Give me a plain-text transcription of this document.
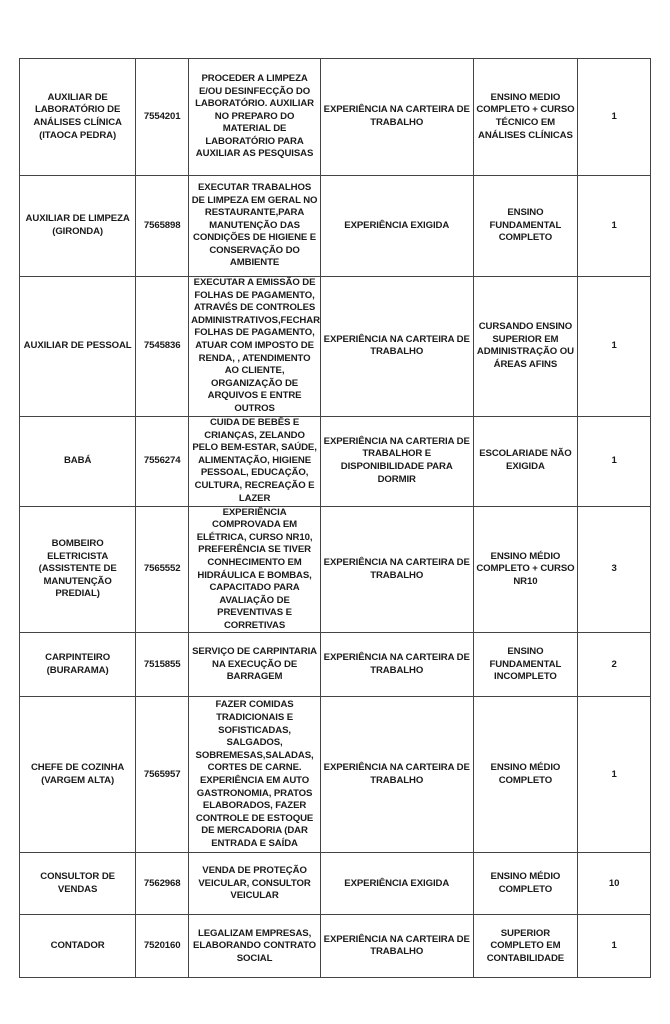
AUXILIAR DE LABORATÓRIO DE ANÁLISES CLÍNICA (ITAOCA PEDRA)	7554201	PROCEDER A LIMPEZA E/OU DESINFECÇÃO DO LABORATÓRIO. AUXILIAR NO PREPARO DO MATERIAL DE LABORATÓRIO PARA AUXILIAR AS PESQUISAS	EXPERIÊNCIA NA CARTEIRA DE TRABALHO	ENSINO MEDIO COMPLETO + CURSO TÉCNICO EM ANÁLISES CLÍNICAS	1
AUXILIAR DE LIMPEZA (GIRONDA)	7565898	EXECUTAR TRABALHOS DE LIMPEZA EM GERAL NO RESTAURANTE,PARA MANUTENÇÃO DAS CONDIÇÕES DE HIGIENE E CONSERVAÇÃO DO AMBIENTE	EXPERIÊNCIA EXIGIDA	ENSINO FUNDAMENTAL COMPLETO	1
AUXILIAR DE PESSOAL	7545836	EXECUTAR A EMISSÃO DE FOLHAS DE PAGAMENTO, ATRAVÉS DE CONTROLES ADMINISTRATIVOS,FECHAR FOLHAS DE PAGAMENTO, ATUAR COM IMPOSTO DE RENDA, , ATENDIMENTO AO CLIENTE, ORGANIZAÇÃO DE ARQUIVOS E ENTRE OUTROS	EXPERIÊNCIA NA CARTEIRA DE TRABALHO	CURSANDO ENSINO SUPERIOR EM ADMINISTRAÇÃO OU ÁREAS AFINS	1
BABÁ	7556274	CUIDA DE BEBÊS E CRIANÇAS, ZELANDO PELO BEM-ESTAR, SAÚDE, ALIMENTAÇÃO, HIGIENE PESSOAL, EDUCAÇÃO, CULTURA, RECREAÇÃO E LAZER	EXPERIÊNCIA NA CARTERIA DE TRABALHOR E DISPONIBILIDADE PARA DORMIR	ESCOLARIADE NÃO EXIGIDA	1
BOMBEIRO ELETRICISTA (ASSISTENTE DE MANUTENÇÃO PREDIAL)	7565552	EXPERIÊNCIA COMPROVADA EM ELÉTRICA, CURSO NR10, PREFERÊNCIA SE TIVER CONHECIMENTO EM HIDRÁULICA E BOMBAS, CAPACITADO PARA AVALIAÇÃO DE PREVENTIVAS E CORRETIVAS	EXPERIÊNCIA NA CARTEIRA DE TRABALHO	ENSINO MÉDIO COMPLETO + CURSO NR10	3
CARPINTEIRO (BURARAMA)	7515855	SERVIÇO DE CARPINTARIA NA EXECUÇÃO DE BARRAGEM	EXPERIÊNCIA NA CARTEIRA DE TRABALHO	ENSINO FUNDAMENTAL INCOMPLETO	2
CHEFE DE COZINHA (VARGEM ALTA)	7565957	FAZER COMIDAS TRADICIONAIS E SOFISTICADAS, SALGADOS, SOBREMESAS,SALADAS, CORTES DE CARNE. EXPERIÊNCIA EM AUTO GASTRONOMIA, PRATOS ELABORADOS, FAZER CONTROLE DE ESTOQUE DE MERCADORIA (DAR ENTRADA E SAÍDA	EXPERIÊNCIA NA CARTEIRA DE TRABALHO	ENSINO MÉDIO COMPLETO	1
CONSULTOR DE VENDAS	7562968	VENDA DE PROTEÇÃO VEICULAR, CONSULTOR VEICULAR	EXPERIÊNCIA EXIGIDA	ENSINO MÉDIO COMPLETO	10
CONTADOR	7520160	LEGALIZAM EMPRESAS, ELABORANDO CONTRATO SOCIAL	EXPERIÊNCIA NA CARTEIRA DE TRABALHO	SUPERIOR COMPLETO EM CONTABILIDADE	1
